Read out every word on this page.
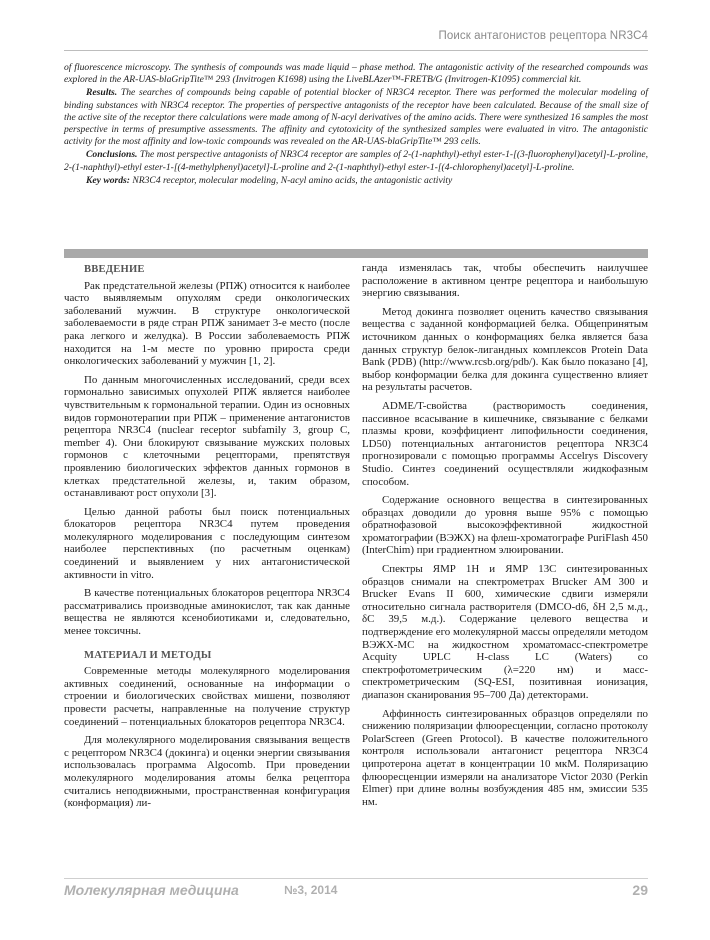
Поиск антагонистов рецептора NR3C4

of fluorescence microscopy. The synthesis of compounds was made liquid – phase method. The antagonistic activity of the researched compounds was explored in the AR-UAS-blaGripTite™ 293 (Invitrogen K1698) using the LiveBLAzer™-FRETB/G (Invitrogen-K1095) commercial kit.

Results. The searches of compounds being capable of potential blocker of NR3C4 receptor. There was performed the molecular modeling of binding substances with NR3C4 receptor. The properties of perspective antagonists of the receptor have been calculated. Because of the small size of the active site of the receptor there calculations were made among of N-acyl derivatives of the amino acids. There were synthesized 16 samples the most perspective in terms of presumptive assessments. The affinity and cytotoxicity of the synthesized samples were evaluated in vitro. The antagonistic activity for the most affinity and low-toxic compounds was revealed on the AR-UAS-blaGripTite™ 293 cells.

Conclusions. The most perspective antagonists of NR3C4 receptor are samples of 2-(1-naphthyl)-ethyl ester-1-[(3-fluorophenyl)acetyl]-L-proline, 2-(1-naphthyl)-ethyl ester-1-[(4-methylphenyl)acetyl]-L-proline and 2-(1-naphthyl)-ethyl ester-1-[(4-chlorophenyl)acetyl]-L-proline.

Key words: NR3C4 receptor, molecular modeling, N-acyl amino acids, the antagonistic activity

ВВЕДЕНИЕ

Рак предстательной железы (РПЖ) относится к наиболее часто выявляемым опухолям среди онкологических заболеваний мужчин. В структуре онкологической заболеваемости в ряде стран РПЖ занимает 3-е место (после рака легкого и желудка). В России заболеваемость РПЖ находится на 1-м месте по уровню прироста среди онкологических заболеваний у мужчин [1, 2].

По данным многочисленных исследований, среди всех гормонально зависимых опухолей РПЖ является наиболее чувствительным к гормональной терапии. Один из основных видов гормонотерапии при РПЖ – применение антагонистов рецептора NR3C4 (nuclear receptor subfamily 3, group C, member 4). Они блокируют связывание мужских половых гормонов с клеточными рецепторами, препятствуя проявлению биологических эффектов данных гормонов в клетках предстательной железы, и, таким образом, останавливают рост опухоли [3].

Целью данной работы был поиск потенциальных блокаторов рецептора NR3C4 путем проведения молекулярного моделирования с последующим синтезом наиболее перспективных (по расчетным оценкам) соединений и выявлением у них антагонистической активности in vitro.

В качестве потенциальных блокаторов рецептора NR3C4 рассматривались производные аминокислот, так как данные вещества не являются ксенобиотиками и, следовательно, менее токсичны.

МАТЕРИАЛ И МЕТОДЫ

Современные методы молекулярного моделирования активных соединений, основанные на информации о строении и биологических свойствах мишени, позволяют провести расчеты, направленные на получение структур соединений – потенциальных блокаторов рецептора NR3C4.

Для молекулярного моделирования связывания веществ с рецептором NR3C4 (докинга) и оценки энергии связывания использовалась программа Algocomb. При проведении молекулярного моделирования атомы белка рецептора считались неподвижными, пространственная конфигурация (конформация) ли-

ганда изменялась так, чтобы обеспечить наилучшее расположение в активном центре рецептора и наибольшую энергию связывания.

Метод докинга позволяет оценить качество связывания вещества с заданной конформацией белка. Общепринятым источником данных о конформациях белка является база данных структур белок-лигандных комплексов Protein Data Bank (PDB) (http://www.rcsb.org/pdb/). Как было показано [4], выбор конформации белка для докинга существенно влияет на результаты расчетов.

ADME/T-свойства (растворимость соединения, пассивное всасывание в кишечнике, связывание с белками плазмы крови, коэффициент липофильности соединения, LD50) потенциальных антагонистов рецептора NR3C4 прогнозировали с помощью программы Accelrys Discovery Studio. Синтез соединений осуществляли жидкофазным способом.

Содержание основного вещества в синтезированных образцах доводили до уровня выше 95% с помощью обратнофазовой высокоэффективной жидкостной хроматографии (ВЭЖХ) на флеш-хроматографе PuriFlash 450 (InterChim) при градиентном элюировании.

Спектры ЯМР 1Н и ЯМР 13С синтезированных образцов снимали на спектрометрах Brucker AM 300 и Brucker Evans II 600, химические сдвиги измеряли относительно сигнала растворителя (DMCO-d6, δH 2,5 м.д., δC 39,5 м.д.). Содержание целевого вещества и подтверждение его молекулярной массы определяли методом ВЭЖХ-МС на жидкостном хроматомасс-спектрометре Acquity UPLC H-class LC (Waters) со спектрофотометрическим (λ=220 нм) и масс-спектрометрическим (SQ-ESI, позитивная ионизация, диапазон сканирования 95–700 Да) детекторами.

Аффинность синтезированных образцов определяли по снижению поляризации флюоресценции, согласно протоколу PolarScreen (Green Protocol). В качестве положительного контроля использовали антагонист рецептора NR3C4 ципротерона ацетат в концентрации 10 мкМ. Поляризацию флюоресценции измеряли на анализаторе Victor 2030 (Perkin Elmer) при длине волны возбуждения 485 нм, эмиссии 535 нм.

Молекулярная медицина	№3, 2014	29
